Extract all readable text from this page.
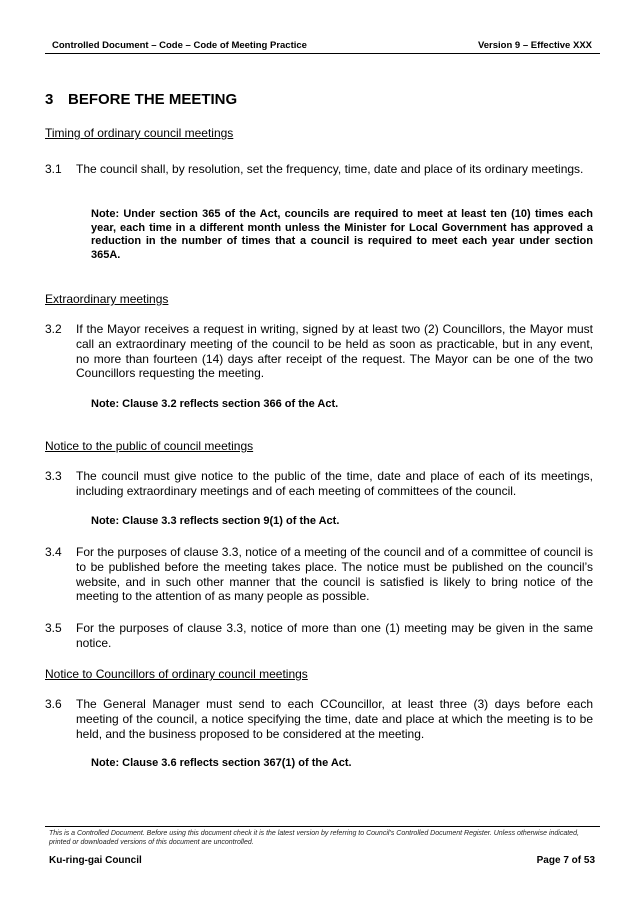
Controlled Document – Code – Code of Meeting Practice	Version 9 – Effective XXX
3 BEFORE THE MEETING
Timing of ordinary council meetings
3.1 The council shall, by resolution, set the frequency, time, date and place of its ordinary meetings.
Note: Under section 365 of the Act, councils are required to meet at least ten (10) times each year, each time in a different month unless the Minister for Local Government has approved a reduction in the number of times that a council is required to meet each year under section 365A.
Extraordinary meetings
3.2 If the Mayor receives a request in writing, signed by at least two (2) Councillors, the Mayor must call an extraordinary meeting of the council to be held as soon as practicable, but in any event, no more than fourteen (14) days after receipt of the request. The Mayor can be one of the two Councillors requesting the meeting.
Note: Clause 3.2 reflects section 366 of the Act.
Notice to the public of council meetings
3.3 The council must give notice to the public of the time, date and place of each of its meetings, including extraordinary meetings and of each meeting of committees of the council.
Note: Clause 3.3 reflects section 9(1) of the Act.
3.4 For the purposes of clause 3.3, notice of a meeting of the council and of a committee of council is to be published before the meeting takes place. The notice must be published on the council’s website, and in such other manner that the council is satisfied is likely to bring notice of the meeting to the attention of as many people as possible.
3.5 For the purposes of clause 3.3, notice of more than one (1) meeting may be given in the same notice.
Notice to Councillors of ordinary council meetings
3.6 The General Manager must send to each CCouncillor, at least three (3) days before each meeting of the council, a notice specifying the time, date and place at which the meeting is to be held, and the business proposed to be considered at the meeting.
Note: Clause 3.6 reflects section 367(1) of the Act.
This is a Controlled Document. Before using this document check it is the latest version by referring to Council’s Controlled Document Register. Unless otherwise indicated, printed or downloaded versions of this document are uncontrolled.
Ku-ring-gai Council	Page 7 of 53
